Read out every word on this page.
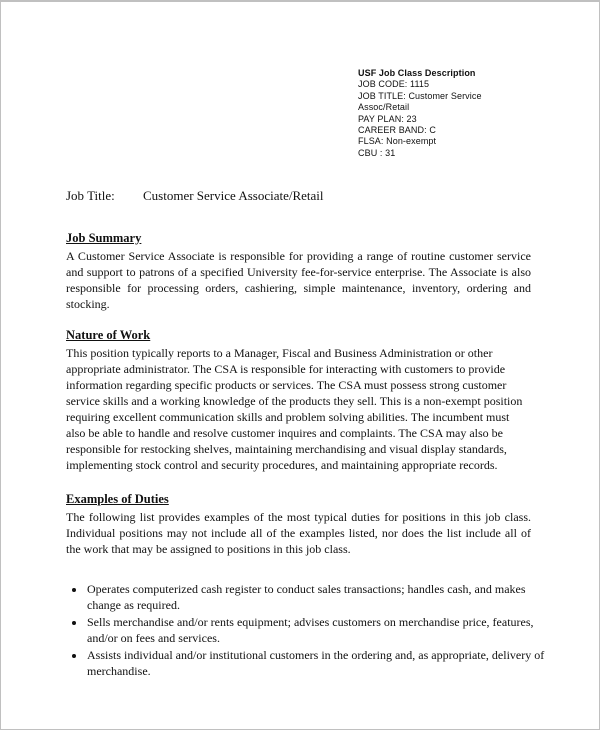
USF Job Class Description
JOB CODE: 1115
JOB TITLE: Customer Service
Assoc/Retail
PAY PLAN: 23
CAREER BAND: C
FLSA: Non-exempt
CBU : 31
Job Title: Customer Service Associate/Retail
Job Summary

A Customer Service Associate is responsible for providing a range of routine customer service and support to patrons of a specified University fee-for-service enterprise. The Associate is also responsible for processing orders, cashiering, simple maintenance, inventory, ordering and stocking.

Nature of Work

This position typically reports to a Manager, Fiscal and Business Administration or other appropriate administrator. The CSA is responsible for interacting with customers to provide information regarding specific products or services. The CSA must possess strong customer service skills and a working knowledge of the products they sell. This is a non-exempt position requiring excellent communication skills and problem solving abilities. The incumbent must also be able to handle and resolve customer inquires and complaints. The CSA may also be responsible for restocking shelves, maintaining merchandising and visual display standards, implementing stock control and security procedures, and maintaining appropriate records.

Examples of Duties

The following list provides examples of the most typical duties for positions in this job class. Individual positions may not include all of the examples listed, nor does the list include all of the work that may be assigned to positions in this job class.

• Operates computerized cash register to conduct sales transactions; handles cash, and makes change as required.
• Sells merchandise and/or rents equipment; advises customers on merchandise price, features, and/or on fees and services.
• Assists individual and/or institutional customers in the ordering and, as appropriate, delivery of merchandise.
